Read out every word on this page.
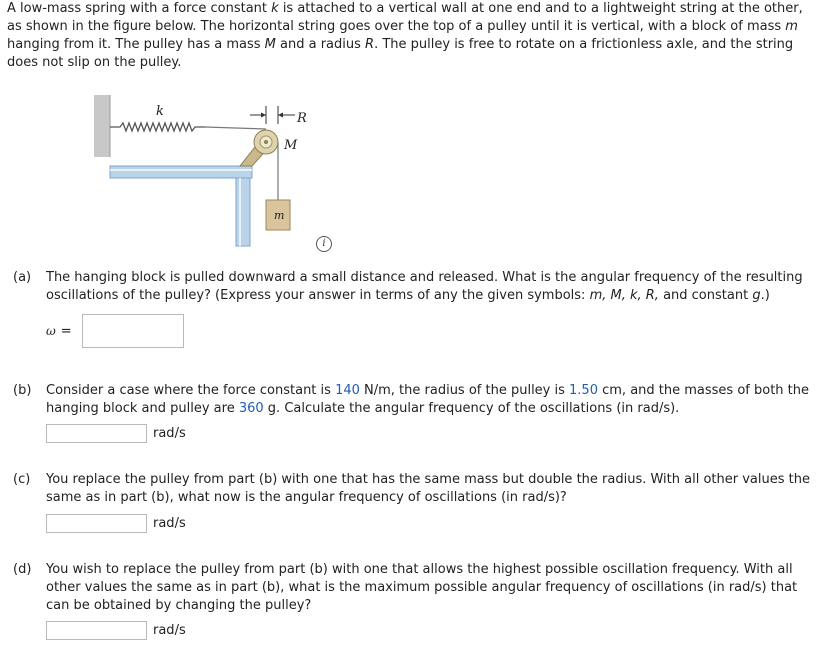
A low-mass spring with a force constant k is attached to a vertical wall at one end and to a lightweight string at the other, as shown in the figure below. The horizontal string goes over the top of a pulley until it is vertical, with a block of mass m hanging from it. The pulley has a mass M and a radius R. The pulley is free to rotate on a frictionless axle, and the string does not slip on the pulley.

k	R
M
m
i
(a) The hanging block is pulled downward a small distance and released. What is the angular frequency of the resulting oscillations of the pulley? (Express your answer in terms of any the given symbols: m, M, k, R, and constant g.)
ω =
(b) Consider a case where the force constant is 140 N/m, the radius of the pulley is 1.50 cm, and the masses of both the hanging block and pulley are 360 g. Calculate the angular frequency of the oscillations (in rad/s).
rad/s
(c) You replace the pulley from part (b) with one that has the same mass but double the radius. With all other values the same as in part (b), what now is the angular frequency of oscillations (in rad/s)?
rad/s
(d) You wish to replace the pulley from part (b) with one that allows the highest possible oscillation frequency. With all other values the same as in part (b), what is the maximum possible angular frequency of oscillations (in rad/s) that can be obtained by changing the pulley?
rad/s
